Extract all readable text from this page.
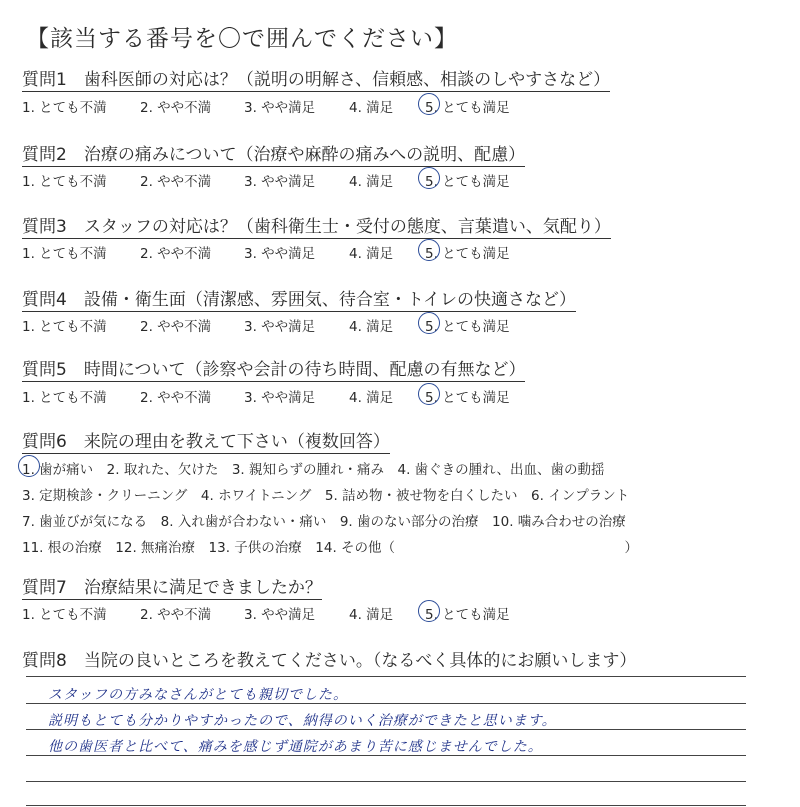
【該当する番号を〇で囲んでください】
質問1　歯科医師の対応は？（説明の明解さ、信頼感、相談のしやすさなど）
1. とても不満 2. やや不満 3. やや満足	4. 満足 5. とても満足
質問2　治療の痛みについて（治療や麻酔の痛みへの説明、配慮）
1. とても不満 2. やや不満 3. やや満足	4. 満足 5. とても満足
質問3　スタッフの対応は？（歯科衛生士・受付の態度、言葉遣い、気配り）
1. とても不満 2. やや不満 3. やや満足	4. 満足 5. とても満足
質問4　設備・衛生面（清潔感、雰囲気、待合室・トイレの快適さなど）
1. とても不満 2. やや不満 3. やや満足	4. 満足 5. とても満足
質問5　時間について（診察や会計の待ち時間、配慮の有無など）
1. とても不満 2. やや不満 3. やや満足	4. 満足 5. とても満足
質問6　来院の理由を教えて下さい（複数回答）
1. 歯が痛い　2. 取れた、欠けた　3. 親知らずの腫れ・痛み　4. 歯ぐきの腫れ、出血、歯の動揺
3. 定期検診・クリーニング　4. ホワイトニング　5. 詰め物・被せ物を白くしたい　6. インプラント
7. 歯並びが気になる　8. 入れ歯が合わない・痛い　9. 歯のない部分の治療　10. 噛み合わせの治療
11. 根の治療　12. 無痛治療　13. 子供の治療　14. その他（　　　　　　　　　　　　　　　　　）
質問7　治療結果に満足できましたか？
1. とても不満 2. やや不満 3. やや満足	4. 満足 5. とても満足
質問8　当院の良いところを教えてください。（なるべく具体的にお願いします）
スタッフの方みなさんがとても親切でした。
説明もとても分かりやすかったので、納得のいく治療ができたと思います。
他の歯医者と比べて、痛みを感じず通院があまり苦に感じませんでした。
